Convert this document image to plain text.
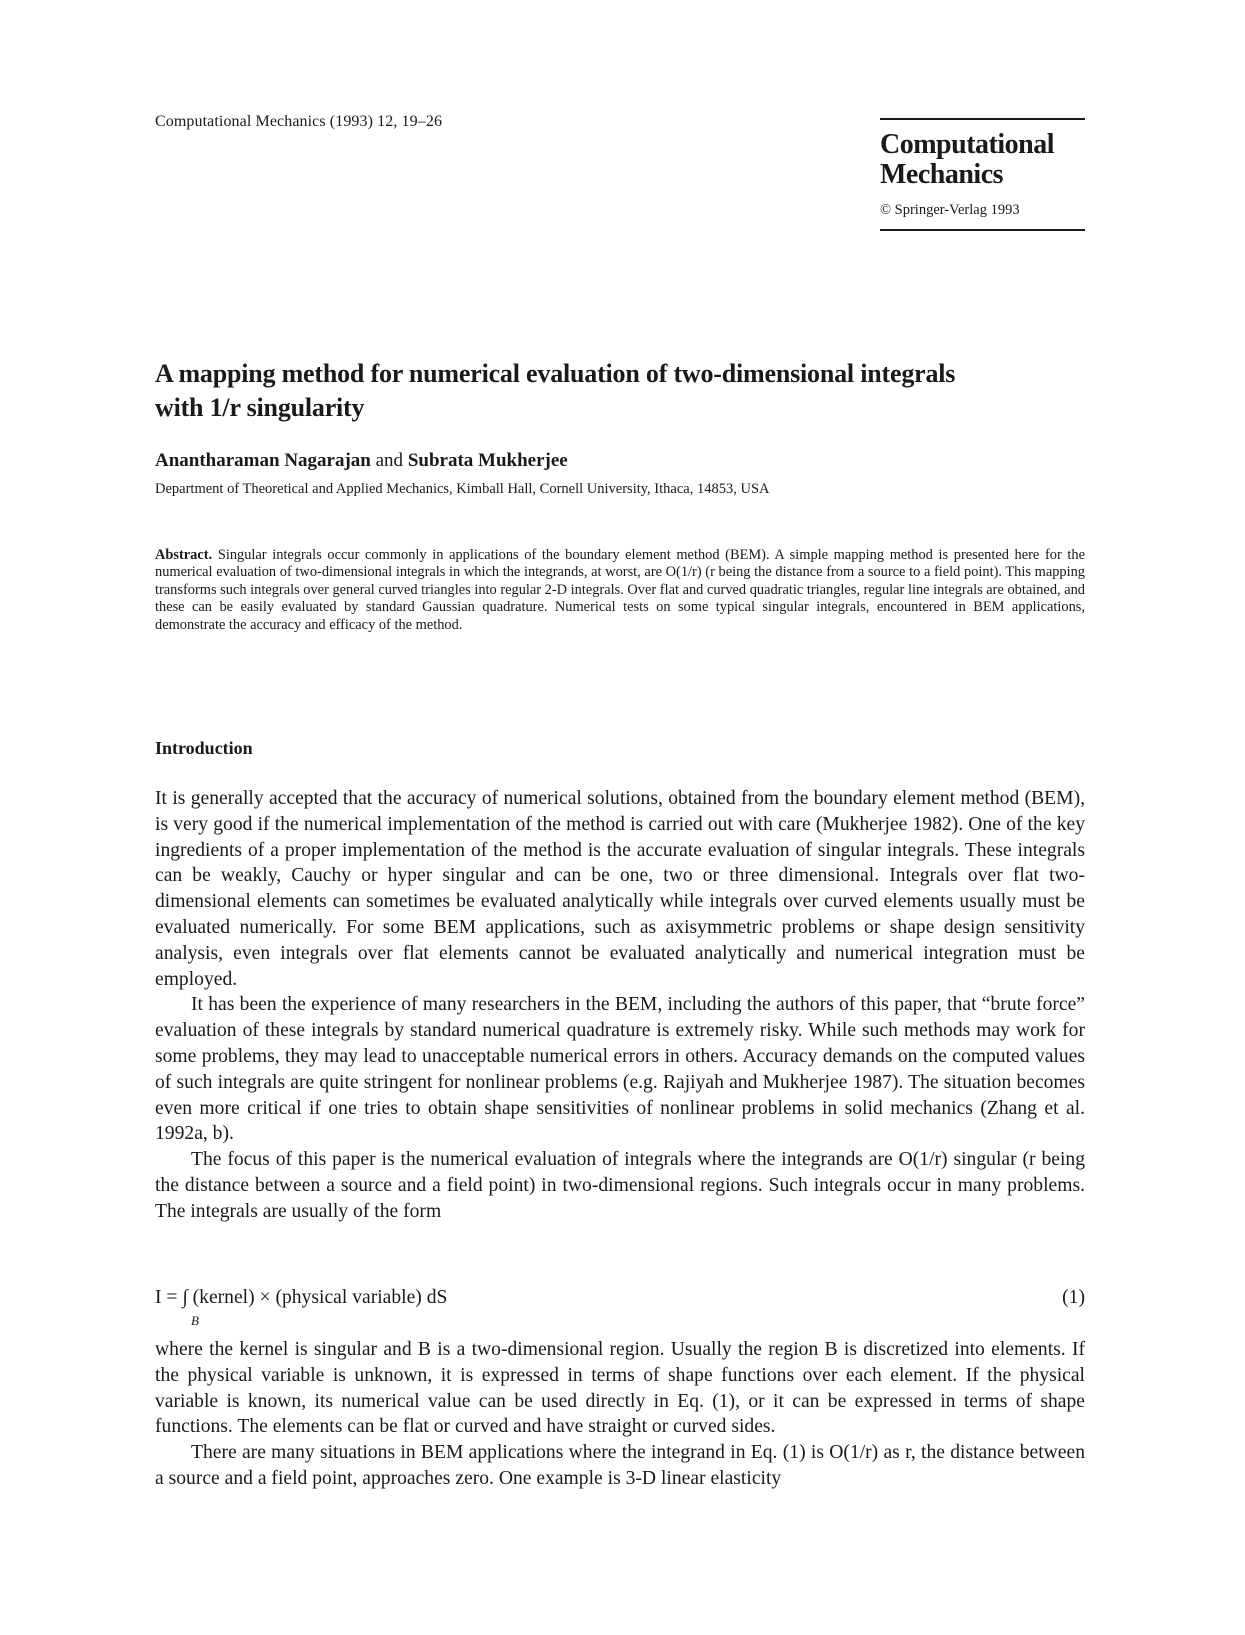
Computational Mechanics (1993) 12, 19–26
Computational
Mechanics
© Springer-Verlag 1993
A mapping method for numerical evaluation of two-dimensional integrals
with 1/r singularity
Anantharaman Nagarajan and Subrata Mukherjee
Department of Theoretical and Applied Mechanics, Kimball Hall, Cornell University, Ithaca, 14853, USA
Abstract. Singular integrals occur commonly in applications of the boundary element method (BEM). A simple mapping method is presented here for the numerical evaluation of two-dimensional integrals in which the integrands, at worst, are O(1/r) (r being the distance from a source to a field point). This mapping transforms such integrals over general curved triangles into regular 2-D integrals. Over flat and curved quadratic triangles, regular line integrals are obtained, and these can be easily evaluated by standard Gaussian quadrature. Numerical tests on some typical singular integrals, encountered in BEM applications, demonstrate the accuracy and efficacy of the method.
Introduction

It is generally accepted that the accuracy of numerical solutions, obtained from the boundary element method (BEM), is very good if the numerical implementation of the method is carried out with care (Mukherjee 1982). One of the key ingredients of a proper implementation of the method is the accurate evaluation of singular integrals. These integrals can be weakly, Cauchy or hyper singular and can be one, two or three dimensional. Integrals over flat two-dimensional elements can sometimes be evaluated analytically while integrals over curved elements usually must be evaluated numerically. For some BEM applications, such as axisymmetric problems or shape design sensitivity analysis, even integrals over flat elements cannot be evaluated analytically and numerical integration must be employed.

It has been the experience of many researchers in the BEM, including the authors of this paper, that “brute force” evaluation of these integrals by standard numerical quadrature is extremely risky. While such methods may work for some problems, they may lead to unacceptable numerical errors in others. Accuracy demands on the computed values of such integrals are quite stringent for nonlinear problems (e.g. Rajiyah and Mukherjee 1987). The situation becomes even more critical if one tries to obtain shape sensitivities of nonlinear problems in solid mechanics (Zhang et al. 1992a, b).

The focus of this paper is the numerical evaluation of integrals where the integrands are O(1/r) singular (r being the distance between a source and a field point) in two-dimensional regions. Such integrals occur in many problems. The integrals are usually of the form

I = ∫ (kernel) × (physical variable) dS
B
(1)

where the kernel is singular and B is a two-dimensional region. Usually the region B is discretized into elements. If the physical variable is unknown, it is expressed in terms of shape functions over each element. If the physical variable is known, its numerical value can be used directly in Eq. (1), or it can be expressed in terms of shape functions. The elements can be flat or curved and have straight or curved sides.

There are many situations in BEM applications where the integrand in Eq. (1) is O(1/r) as r, the distance between a source and a field point, approaches zero. One example is 3-D linear elasticity
